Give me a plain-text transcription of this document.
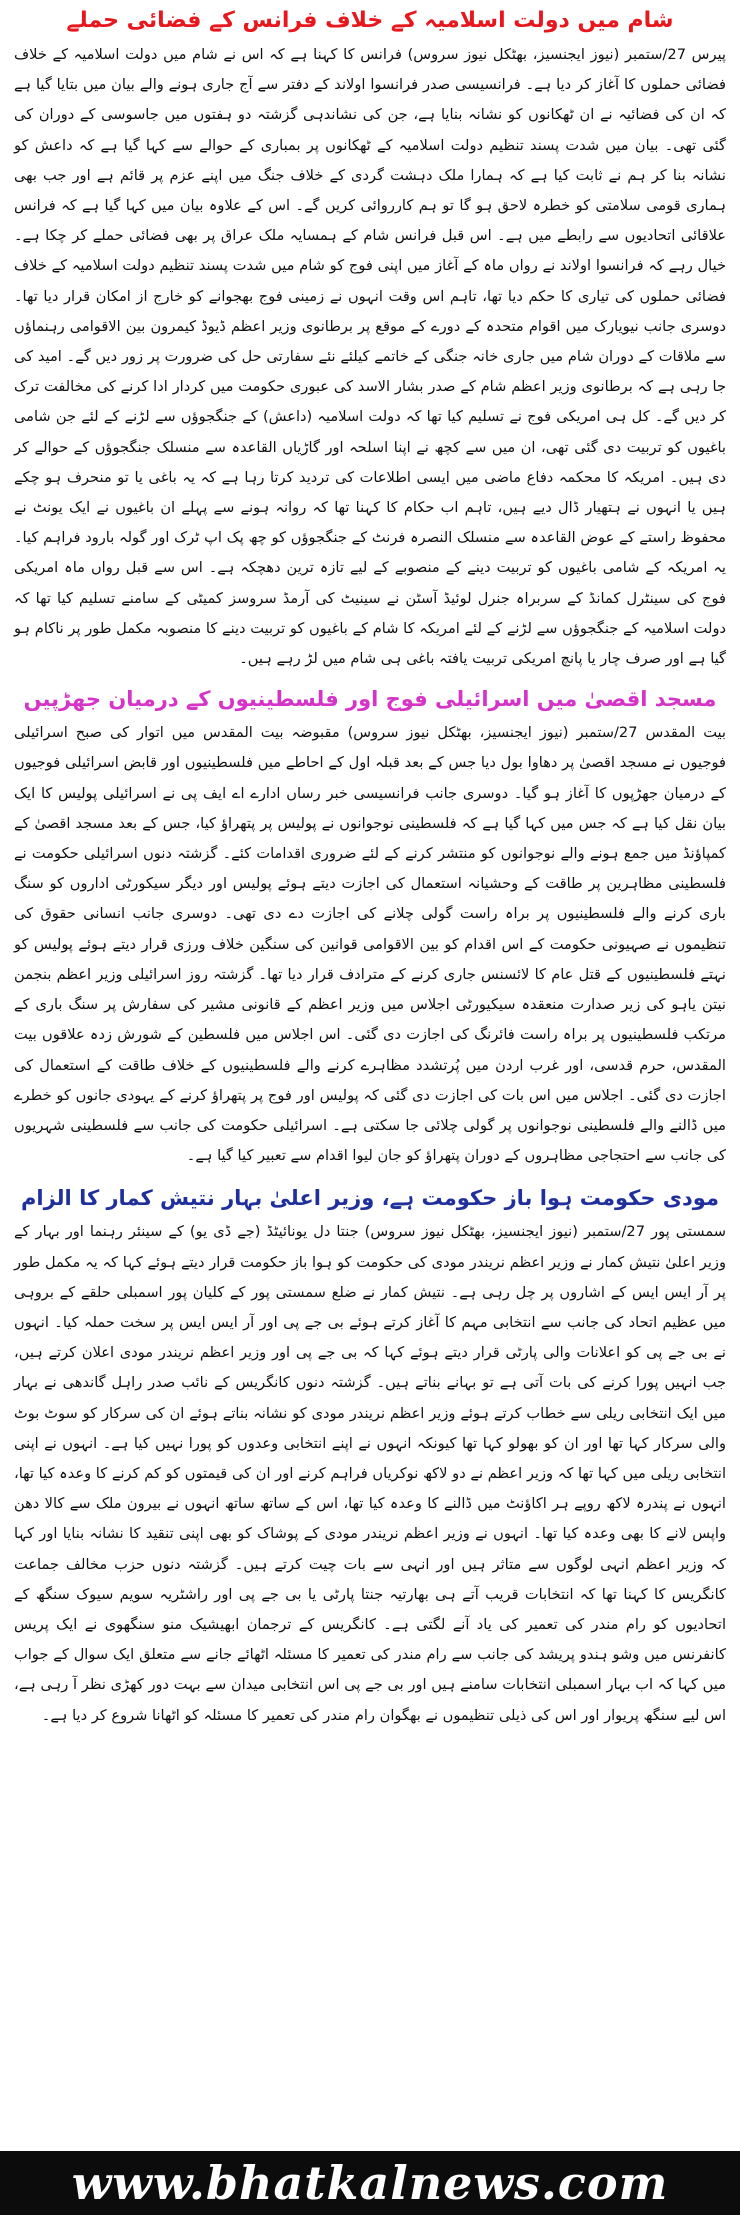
شام میں دولت اسلامیہ کے خلاف فرانس کے فضائی حملے

پیرس 27/ستمبر (نیوز ایجنسیز، بھٹکل نیوز سروس) فرانس کا کہنا ہے کہ اس نے شام میں دولت اسلامیہ کے خلاف فضائی حملوں کا آغاز کر دیا ہے۔ فرانسیسی صدر فرانسوا اولاند کے دفتر سے آج جاری ہونے والے بیان میں بتایا گیا ہے کہ ان کی فضائیہ نے ان ٹھکانوں کو نشانہ بنایا ہے، جن کی نشاندہی گزشتہ دو ہفتوں میں جاسوسی کے دوران کی گئی تھی۔ بیان میں شدت پسند تنظیم دولت اسلامیہ کے ٹھکانوں پر بمباری کے حوالے سے کہا گیا ہے کہ داعش کو نشانہ بنا کر ہم نے ثابت کیا ہے کہ ہمارا ملک دہشت گردی کے خلاف جنگ میں اپنے عزم پر قائم ہے اور جب بھی ہماری قومی سلامتی کو خطرہ لاحق ہو گا تو ہم کارروائی کریں گے۔ اس کے علاوہ بیان میں کہا گیا ہے کہ فرانس علاقائی اتحادیوں سے رابطے میں ہے۔ اس قبل فرانس شام کے ہمسایہ ملک عراق پر بھی فضائی حملے کر چکا ہے۔ خیال رہے کہ فرانسوا اولاند نے رواں ماہ کے آغاز میں اپنی فوج کو شام میں شدت پسند تنظیم دولت اسلامیہ کے خلاف فضائی حملوں کی تیاری کا حکم دیا تھا، تاہم اس وقت انہوں نے زمینی فوج بھجوانے کو خارج از امکان قرار دیا تھا۔ دوسری جانب نیویارک میں اقوام متحدہ کے دورے کے موقع پر برطانوی وزیر اعظم ڈیوڈ کیمرون بین الاقوامی رہنماؤں سے ملاقات کے دوران شام میں جاری خانہ جنگی کے خاتمے کیلئے نئے سفارتی حل کی ضرورت پر زور دیں گے۔ امید کی جا رہی ہے کہ برطانوی وزیر اعظم شام کے صدر بشار الاسد کی عبوری حکومت میں کردار ادا کرنے کی مخالفت ترک کر دیں گے۔ کل ہی امریکی فوج نے تسلیم کیا تھا کہ دولت اسلامیہ (داعش) کے جنگجوؤں سے لڑنے کے لئے جن شامی باغیوں کو تربیت دی گئی تھی، ان میں سے کچھ نے اپنا اسلحہ اور گاڑیاں القاعدہ سے منسلک جنگجوؤں کے حوالے کر دی ہیں۔ امریکہ کا محکمہ دفاع ماضی میں ایسی اطلاعات کی تردید کرتا رہا ہے کہ یہ باغی یا تو منحرف ہو چکے ہیں یا انہوں نے ہتھیار ڈال دیے ہیں، تاہم اب حکام کا کہنا تھا کہ روانہ ہونے سے پہلے ان باغیوں نے ایک یونٹ نے محفوظ راستے کے عوض القاعدہ سے منسلک النصرہ فرنٹ کے جنگجوؤں کو چھ پک اپ ٹرک اور گولہ بارود فراہم کیا۔ یہ امریکہ کے شامی باغیوں کو تربیت دینے کے منصوبے کے لیے تازہ ترین دھچکہ ہے۔ اس سے قبل رواں ماہ امریکی فوج کی سینٹرل کمانڈ کے سربراہ جنرل لوئیڈ آسٹن نے سینیٹ کی آرمڈ سروسز کمیٹی کے سامنے تسلیم کیا تھا کہ دولت اسلامیہ کے جنگجوؤں سے لڑنے کے لئے امریکہ کا شام کے باغیوں کو تربیت دینے کا منصوبہ مکمل طور پر ناکام ہو گیا ہے اور صرف چار یا پانچ امریکی تربیت یافتہ باغی ہی شام میں لڑ رہے ہیں۔

مسجد اقصیٰ میں اسرائیلی فوج اور فلسطینیوں کے درمیان جھڑپیں

بیت المقدس 27/ستمبر (نیوز ایجنسیز، بھٹکل نیوز سروس) مقبوضہ بیت المقدس میں اتوار کی صبح اسرائیلی فوجیوں نے مسجد اقصیٰ پر دھاوا بول دیا جس کے بعد قبلہ اول کے احاطے میں فلسطینیوں اور قابض اسرائیلی فوجیوں کے درمیان جھڑپوں کا آغاز ہو گیا۔ دوسری جانب فرانسیسی خبر رساں ادارے اے ایف پی نے اسرائیلی پولیس کا ایک بیان نقل کیا ہے کہ جس میں کہا گیا ہے کہ فلسطینی نوجوانوں نے پولیس پر پتھراؤ کیا، جس کے بعد مسجد اقصیٰ کے کمپاؤنڈ میں جمع ہونے والے نوجوانوں کو منتشر کرنے کے لئے ضروری اقدامات کئے۔ گزشتہ دنوں اسرائیلی حکومت نے فلسطینی مظاہرین پر طاقت کے وحشیانہ استعمال کی اجازت دیتے ہوئے پولیس اور دیگر سیکورٹی اداروں کو سنگ باری کرنے والے فلسطینیوں پر براہ راست گولی چلانے کی اجازت دے دی تھی۔ دوسری جانب انسانی حقوق کی تنظیموں نے صہیونی حکومت کے اس اقدام کو بین الاقوامی قوانین کی سنگین خلاف ورزی قرار دیتے ہوئے پولیس کو نہتے فلسطینیوں کے قتل عام کا لائسنس جاری کرنے کے مترادف قرار دیا تھا۔ گزشتہ روز اسرائیلی وزیر اعظم بنجمن نیتن یاہو کی زیر صدارت منعقدہ سیکیورٹی اجلاس میں وزیر اعظم کے قانونی مشیر کی سفارش پر سنگ باری کے مرتکب فلسطینیوں پر براہ راست فائرنگ کی اجازت دی گئی۔ اس اجلاس میں فلسطین کے شورش زدہ علاقوں بیت المقدس، حرم قدسی، اور غرب اردن میں پُرتشدد مظاہرے کرنے والے فلسطینیوں کے خلاف طاقت کے استعمال کی اجازت دی گئی۔ اجلاس میں اس بات کی اجازت دی گئی کہ پولیس اور فوج پر پتھراؤ کرنے کے یہودی جانوں کو خطرے میں ڈالنے والے فلسطینی نوجوانوں پر گولی چلائی جا سکتی ہے۔ اسرائیلی حکومت کی جانب سے فلسطینی شہریوں کی جانب سے احتجاجی مظاہروں کے دوران پتھراؤ کو جان لیوا اقدام سے تعبیر کیا گیا ہے۔

مودی حکومت ہوا باز حکومت ہے، وزیر اعلیٰ بہار نتیش کمار کا الزام

سمستی پور 27/ستمبر (نیوز ایجنسیز، بھٹکل نیوز سروس) جنتا دل یونائیٹڈ (جے ڈی یو) کے سینئر رہنما اور بہار کے وزیر اعلیٰ نتیش کمار نے وزیر اعظم نریندر مودی کی حکومت کو ہوا باز حکومت قرار دیتے ہوئے کہا کہ یہ مکمل طور پر آر ایس ایس کے اشاروں پر چل رہی ہے۔ نتیش کمار نے ضلع سمستی پور کے کلیان پور اسمبلی حلقے کے بروہی میں عظیم اتحاد کی جانب سے انتخابی مہم کا آغاز کرتے ہوئے بی جے پی اور آر ایس ایس پر سخت حملہ کیا۔ انہوں نے بی جے پی کو اعلانات والی پارٹی قرار دیتے ہوئے کہا کہ بی جے پی اور وزیر اعظم نریندر مودی اعلان کرتے ہیں، جب انہیں پورا کرنے کی بات آتی ہے تو بہانے بناتے ہیں۔ گزشتہ دنوں کانگریس کے نائب صدر راہل گاندھی نے بہار میں ایک انتخابی ریلی سے خطاب کرتے ہوئے وزیر اعظم نریندر مودی کو نشانہ بناتے ہوئے ان کی سرکار کو سوٹ بوٹ والی سرکار کہا تھا اور ان کو بھولو کہا تھا کیونکہ انہوں نے اپنے انتخابی وعدوں کو پورا نہیں کیا ہے۔ انہوں نے اپنی انتخابی ریلی میں کہا تھا کہ وزیر اعظم نے دو لاکھ نوکریاں فراہم کرنے اور ان کی قیمتوں کو کم کرنے کا وعدہ کیا تھا، انہوں نے پندرہ لاکھ روپے ہر اکاؤنٹ میں ڈالنے کا وعدہ کیا تھا، اس کے ساتھ ساتھ انہوں نے بیرون ملک سے کالا دھن واپس لانے کا بھی وعدہ کیا تھا۔ انہوں نے وزیر اعظم نریندر مودی کے پوشاک کو بھی اپنی تنقید کا نشانہ بنایا اور کہا کہ وزیر اعظم انہی لوگوں سے متاثر ہیں اور انہی سے بات چیت کرتے ہیں۔ گزشتہ دنوں حزب مخالف جماعت کانگریس کا کہنا تھا کہ انتخابات قریب آتے ہی بھارتیہ جنتا پارٹی یا بی جے پی اور راشٹریہ سویم سیوک سنگھ کے اتحادیوں کو رام مندر کی تعمیر کی یاد آنے لگتی ہے۔ کانگریس کے ترجمان ابھیشیک منو سنگھوی نے ایک پریس کانفرنس میں وشو ہندو پریشد کی جانب سے رام مندر کی تعمیر کا مسئلہ اٹھائے جانے سے متعلق ایک سوال کے جواب میں کہا کہ اب بہار اسمبلی انتخابات سامنے ہیں اور بی جے پی اس انتخابی میدان سے بہت دور کھڑی نظر آ رہی ہے، اس لیے سنگھ پریوار اور اس کی ذیلی تنظیموں نے بھگوان رام مندر کی تعمیر کا مسئلہ کو اٹھانا شروع کر دیا ہے۔

www.bhatkalnews.com
